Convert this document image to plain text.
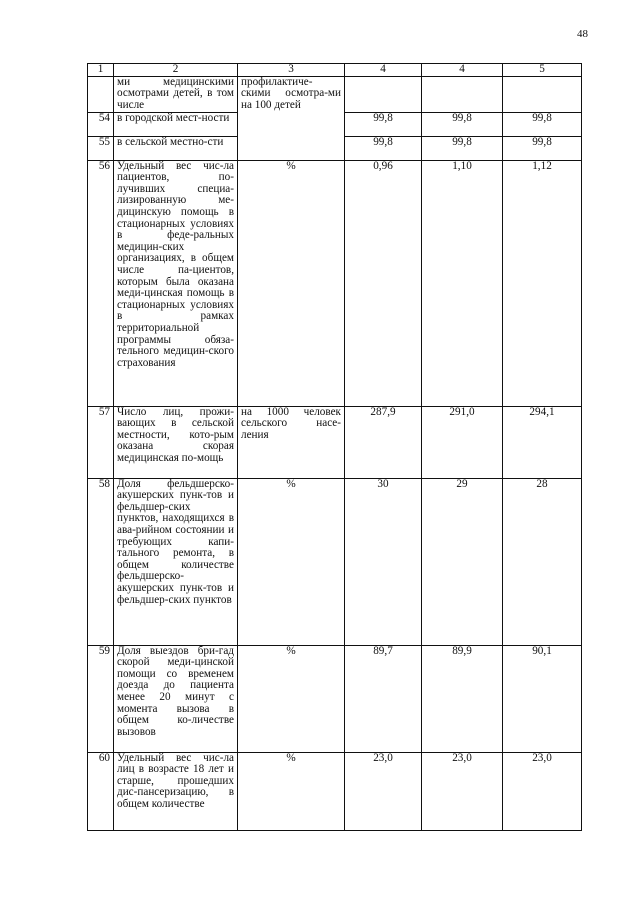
48
1	2	3	4	4	5
	ми медицинскими осмотрами детей, в том числе	профилактиче-скими осмотра-ми на 100 детей			
54	в городской мест-ности		99,8	99,8	99,8
55	в сельской местно-сти		99,8	99,8	99,8
56	Удельный вес чис-ла пациентов, по-лучивших специа-лизированную ме-дицинскую помощь в стационарных условиях в феде-ральных медицин-ских организациях, в общем числе па-циентов, которым была оказана меди-цинская помощь в стационарных условиях в рамках территориальной программы обяза-тельного медицин-ского страхования	%	0,96	1,10	1,12
57	Число лиц, прожи-вающих в сельской местности, кото-рым оказана скорая медицинская по-мощь	на 1000 человек сельского насе-ления	287,9	291,0	294,1
58	Доля фельдшерско-акушерских пунк-тов и фельдшер-ских пунктов, находящихся в ава-рийном состоянии и требующих капи-тального ремонта, в общем количестве фельдшерско-акушерских пунк-тов и фельдшер-ских пунктов	%	30	29	28
59	Доля выездов бри-гад скорой меди-цинской помощи со временем доезда до пациента менее 20 минут с момента вызова в общем ко-личестве вызовов	%	89,7	89,9	90,1
60	Удельный вес чис-ла лиц в возрасте 18 лет и старше, прошедших дис-пансеризацию, в общем количестве	%	23,0	23,0	23,0
